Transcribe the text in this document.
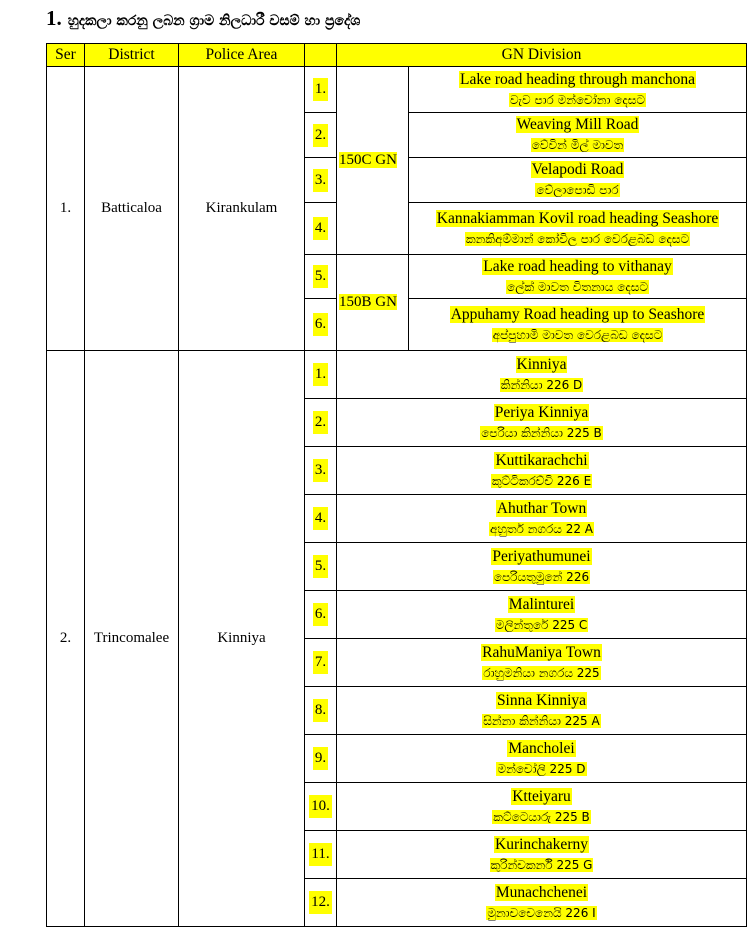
1. හුදකලා කරනු ලබන ග්‍රාම නිලධාරී වසම් හා ප්‍රදේශ
Ser	District	Police Area		GN Division	
1.	Batticaloa	Kirankulam	1.	150C GN	Lake road heading through manchona
වැව පාර මන්චෝනා දෙසට

			2.		Weaving Mill Road
වේවින් මිල් මාවත

			3.		Velapodi Road
වේලාපොඩි පාර

			4.		Kannakiamman Kovil road heading Seashore
කනකිඅම්මාන් කෝවිල පාර වෙරළබඩ දෙසට

			5.	150B GN	Lake road heading to vithanay
ලේක් මාවත විතනාය දෙසට

			6.		Appuhamy Road heading up to Seashore
අප්පුහාමි මාවත වෙරළබඩ දෙසට

2.	Trincomalee	Kinniya	1.	Kinniya
කින්නියා 226 D	

			2.	Periya Kinniya
පෙරියා කින්නියා 225 B	

			3.	Kuttikarachchi
කුට්ටිකරච්චි 226 E	

			4.	Ahuthar Town
අහුතර් නගරය 22 A	

			5.	Periyathumunei
පෙරියතුමුනේ 226	

			6.	Malinturei
මලින්තුරේ 225 C	

			7.	RahuManiya Town
රාහුමනියා නගරය 225	

			8.	Sinna Kinniya
සින්නා කින්නියා 225 A	

			9.	Mancholei
මන්චෝලි 225 D	

			10.	Ktteiyaru
කට්ටෙයාරු 225 B	

			11.	Kurinchakerny
කුරින්චකර්නි 225 G	

			12.	Munachchenei
මුනාචචෙනෙයි 226 I	
